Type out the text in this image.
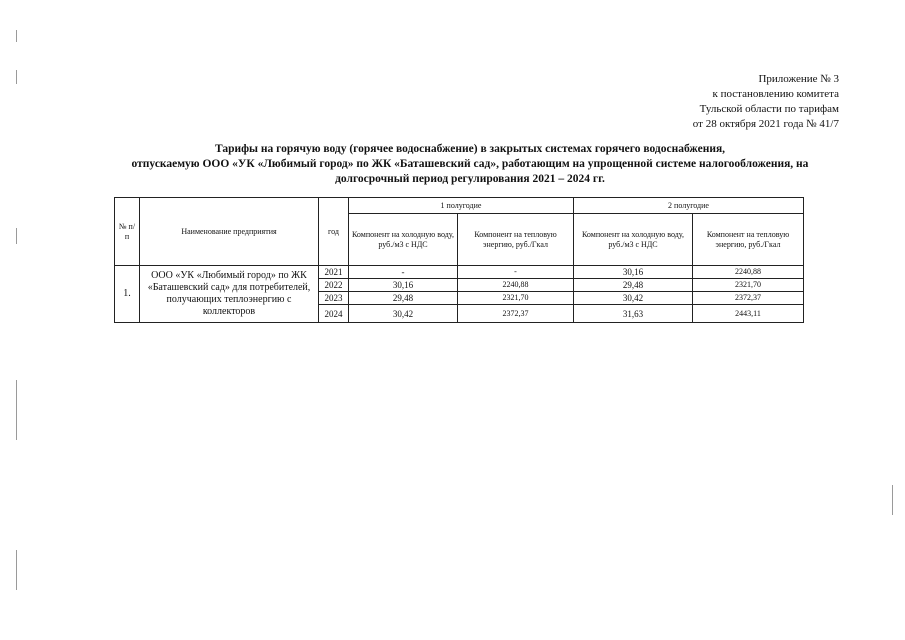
Приложение № 3
к постановлению комитета
Тульской области по тарифам
от 28 октября 2021 года № 41/7
Тарифы на горячую воду (горячее водоснабжение) в закрытых системах горячего водоснабжения,
отпускаемую ООО «УК «Любимый город» по ЖК «Баташевский сад», работающим на упрощенной системе налогообложения, на
долгосрочный период регулирования 2021 – 2024 гг.
№ п/п	Наименование предприятия	год	1 полугодие		2 полугодие	
			Компонент на холодную воду, руб./м3 с НДС	Компонент на тепловую энергию, руб./Гкал	Компонент на холодную воду, руб./м3 с НДС	Компонент на тепловую энергию, руб./Гкал
1.	ООО «УК «Любимый город» по ЖК «Баташевский сад» для потребителей, получающих теплоэнергию с коллекторов	2021	-	-	30,16	2240,88
		2022	30,16	2240,88	29,48	2321,70
		2023	29,48	2321,70	30,42	2372,37
		2024	30,42	2372,37	31,63	2443,11
